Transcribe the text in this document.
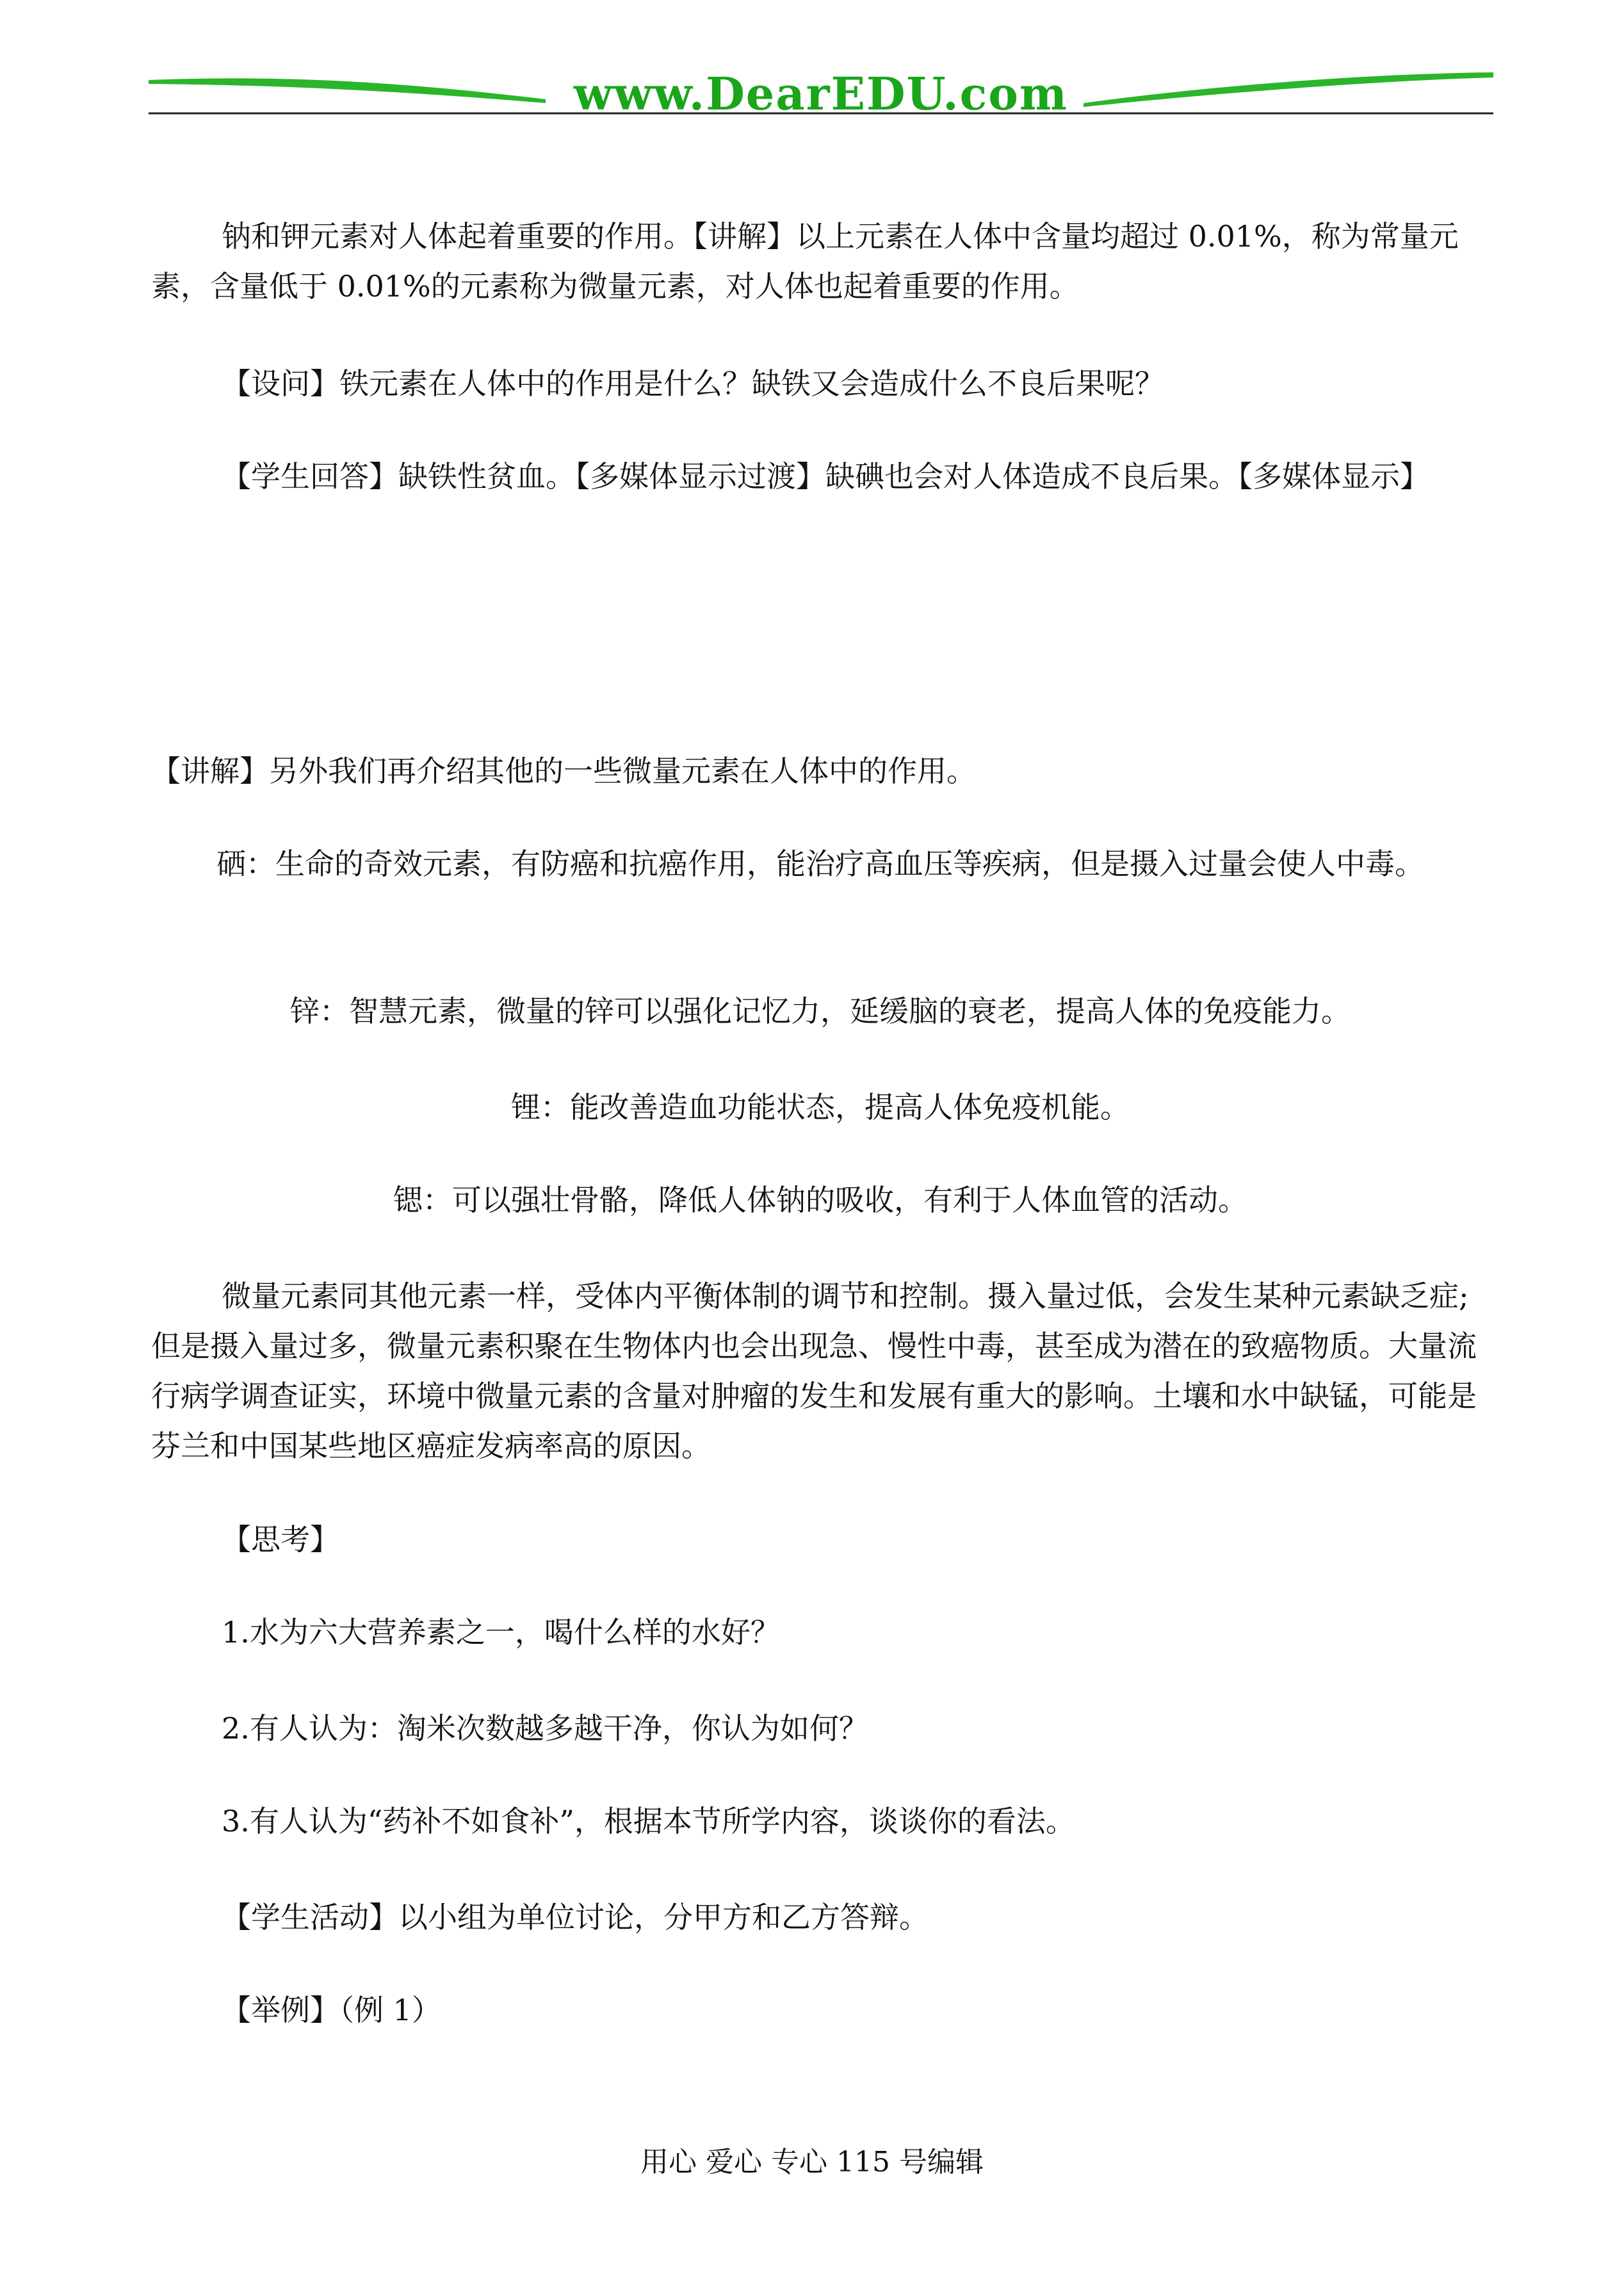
www.DearEDU.com
钠和钾元素对人体起着重要的作用。【讲解】以上元素在人体中含量均超过 0.01%，称为常量元素，含量低于 0.01%的元素称为微量元素，对人体也起着重要的作用。
【设问】铁元素在人体中的作用是什么？缺铁又会造成什么不良后果呢？
【学生回答】缺铁性贫血。【多媒体显示过渡】缺碘也会对人体造成不良后果。【多媒体显示】
【讲解】另外我们再介绍其他的一些微量元素在人体中的作用。
硒：生命的奇效元素，有防癌和抗癌作用，能治疗高血压等疾病，但是摄入过量会使人中毒。
锌：智慧元素，微量的锌可以强化记忆力，延缓脑的衰老，提高人体的免疫能力。
锂：能改善造血功能状态，提高人体免疫机能。
锶：可以强壮骨骼，降低人体钠的吸收，有利于人体血管的活动。
微量元素同其他元素一样，受体内平衡体制的调节和控制。摄入量过低，会发生某种元素缺乏症; 但是摄入量过多，微量元素积聚在生物体内也会出现急、慢性中毒，甚至成为潜在的致癌物质。大量流行病学调查证实，环境中微量元素的含量对肿瘤的发生和发展有重大的影响。土壤和水中缺锰，可能是芬兰和中国某些地区癌症发病率高的原因。
【思考】
1.水为六大营养素之一，喝什么样的水好？
2.有人认为：淘米次数越多越干净，你认为如何？
3.有人认为“药补不如食补”，根据本节所学内容，谈谈你的看法。
【学生活动】以小组为单位讨论，分甲方和乙方答辩。
【举例】（例 1）
用心 爱心 专心 115 号编辑
